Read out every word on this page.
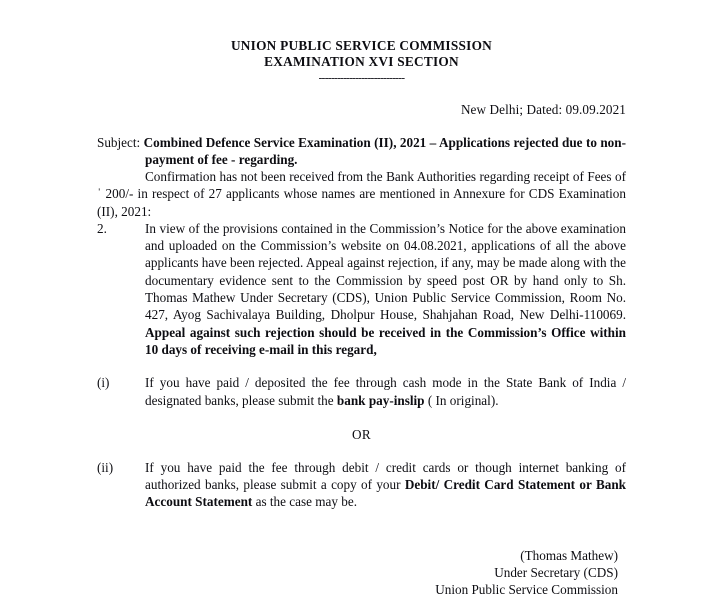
UNION PUBLIC SERVICE COMMISSION
EXAMINATION XVI SECTION
----------------------------
New Delhi; Dated: 09.09.2021
Subject: Combined Defence Service Examination (II), 2021 – Applications rejected due to non-payment of fee - regarding.

Confirmation has not been received from the Bank Authorities regarding receipt of Fees of ˈ 200/- in respect of 27 applicants whose names are mentioned in Annexure for CDS Examination (II), 2021:

2.	In view of the provisions contained in the Commission’s Notice for the above examination and uploaded on the Commission’s website on 04.08.2021, applications of all the above applicants have been rejected. Appeal against rejection, if any, may be made along with the documentary evidence sent to the Commission by speed post OR by hand only to Sh. Thomas Mathew Under Secretary (CDS), Union Public Service Commission, Room No. 427, Ayog Sachivalaya Building, Dholpur House, Shahjahan Road, New Delhi-110069. Appeal against such rejection should be received in the Commission’s Office within 10 days of receiving e-mail in this regard,

(i)	If you have paid / deposited the fee through cash mode in the State Bank of India / designated banks, please submit the bank pay-inslip ( In original).
OR
(ii) If you have paid the fee through debit / credit cards or though internet banking of authorized banks, please submit a copy of your Debit/ Credit Card Statement or Bank Account Statement as the case may be.
(Thomas Mathew)
Under Secretary (CDS)
Union Public Service Commission
